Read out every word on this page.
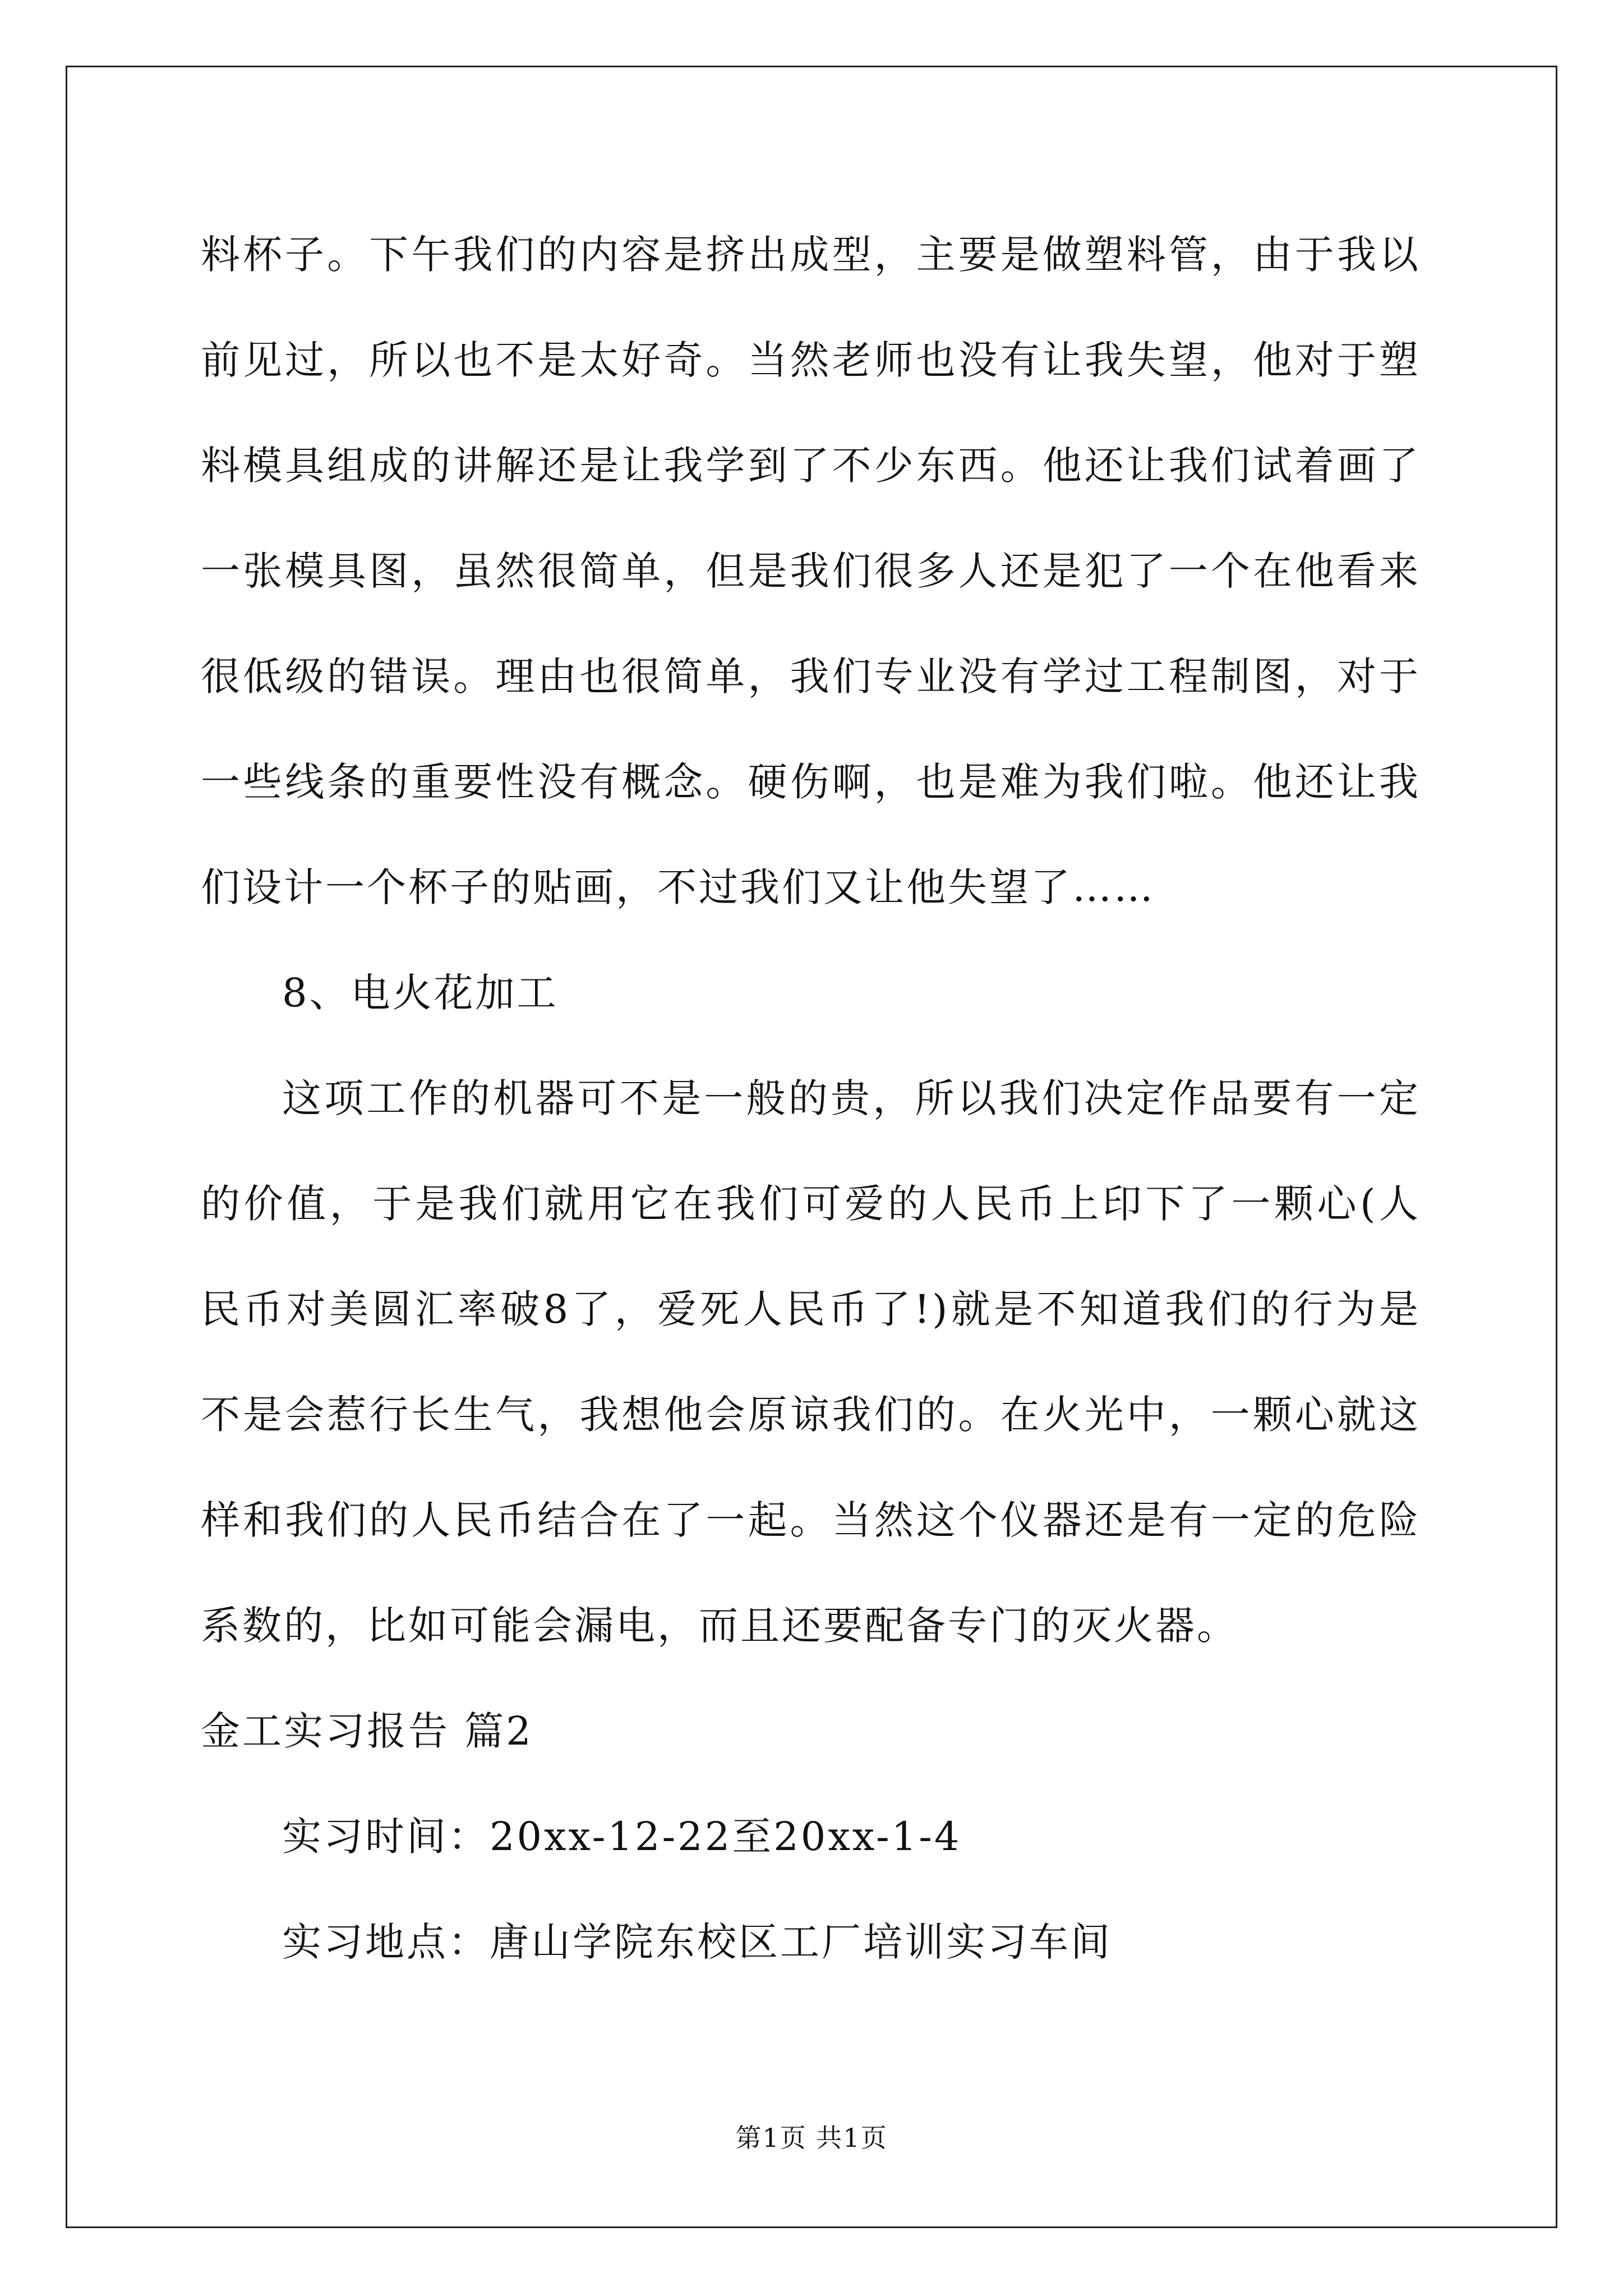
料杯子。下午我们的内容是挤出成型，主要是做塑料管，由于我以前见过，所以也不是太好奇。当然老师也没有让我失望，他对于塑料模具组成的讲解还是让我学到了不少东西。他还让我们试着画了一张模具图，虽然很简单，但是我们很多人还是犯了一个在他看来很低级的错误。理由也很简单，我们专业没有学过工程制图，对于一些线条的重要性没有概念。硬伤啊，也是难为我们啦。他还让我们设计一个杯子的贴画，不过我们又让他失望了……

8、电火花加工

这项工作的机器可不是一般的贵，所以我们决定作品要有一定的价值，于是我们就用它在我们可爱的人民币上印下了一颗心(人民币对美圆汇率破8了，爱死人民币了!)就是不知道我们的行为是不是会惹行长生气，我想他会原谅我们的。在火光中，一颗心就这样和我们的人民币结合在了一起。当然这个仪器还是有一定的危险系数的，比如可能会漏电，而且还要配备专门的灭火器。

金工实习报告 篇2

实习时间：20xx-12-22至20xx-1-4

实习地点：唐山学院东校区工厂培训实习车间

第1页 共1页
